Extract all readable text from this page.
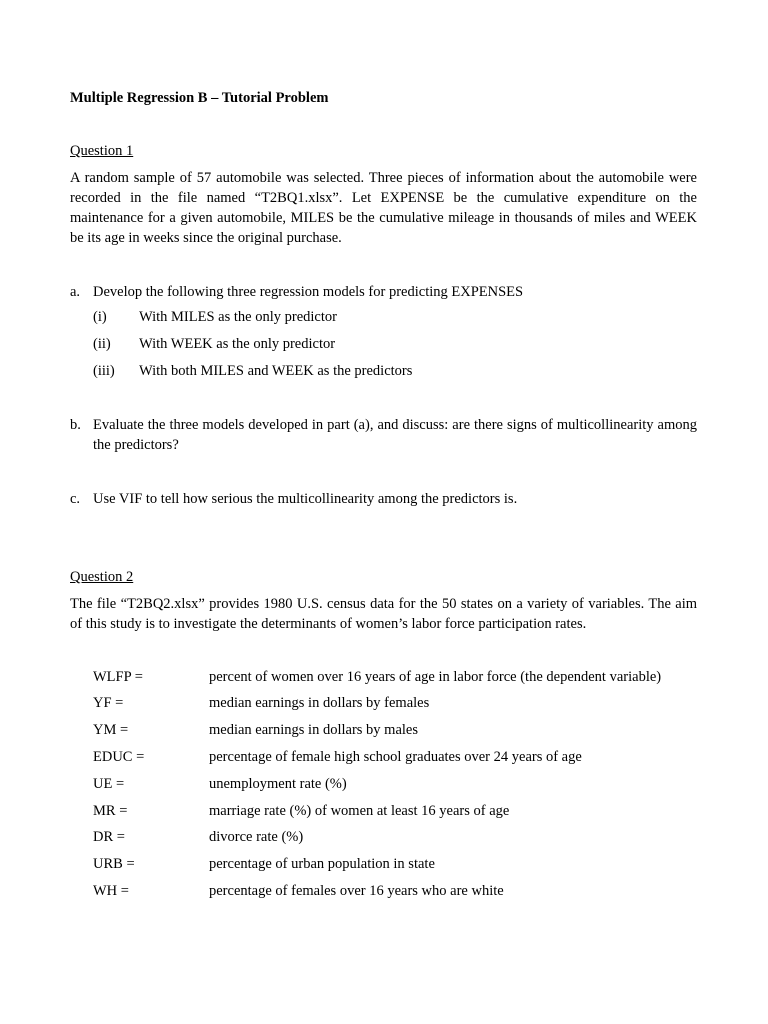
Multiple Regression B – Tutorial Problem
Question 1
A random sample of 57 automobile was selected. Three pieces of information about the automobile were recorded in the file named “T2BQ1.xlsx”. Let EXPENSE be the cumulative expenditure on the maintenance for a given automobile, MILES be the cumulative mileage in thousands of miles and WEEK be its age in weeks since the original purchase.
a. Develop the following three regression models for predicting EXPENSES
(i) With MILES as the only predictor
(ii) With WEEK as the only predictor
(iii) With both MILES and WEEK as the predictors
b. Evaluate the three models developed in part (a), and discuss: are there signs of multicollinearity among the predictors?
c. Use VIF to tell how serious the multicollinearity among the predictors is.
Question 2
The file “T2BQ2.xlsx” provides 1980 U.S. census data for the 50 states on a variety of variables. The aim of this study is to investigate the determinants of women’s labor force participation rates.
WLFP =	percent of women over 16 years of age in labor force (the dependent variable)
YF =	median earnings in dollars by females
YM =	median earnings in dollars by males
EDUC =	percentage of female high school graduates over 24 years of age
UE =	unemployment rate (%)
MR =	marriage rate (%) of women at least 16 years of age
DR =	divorce rate (%)
URB =	percentage of urban population in state
WH =	percentage of females over 16 years who are white
